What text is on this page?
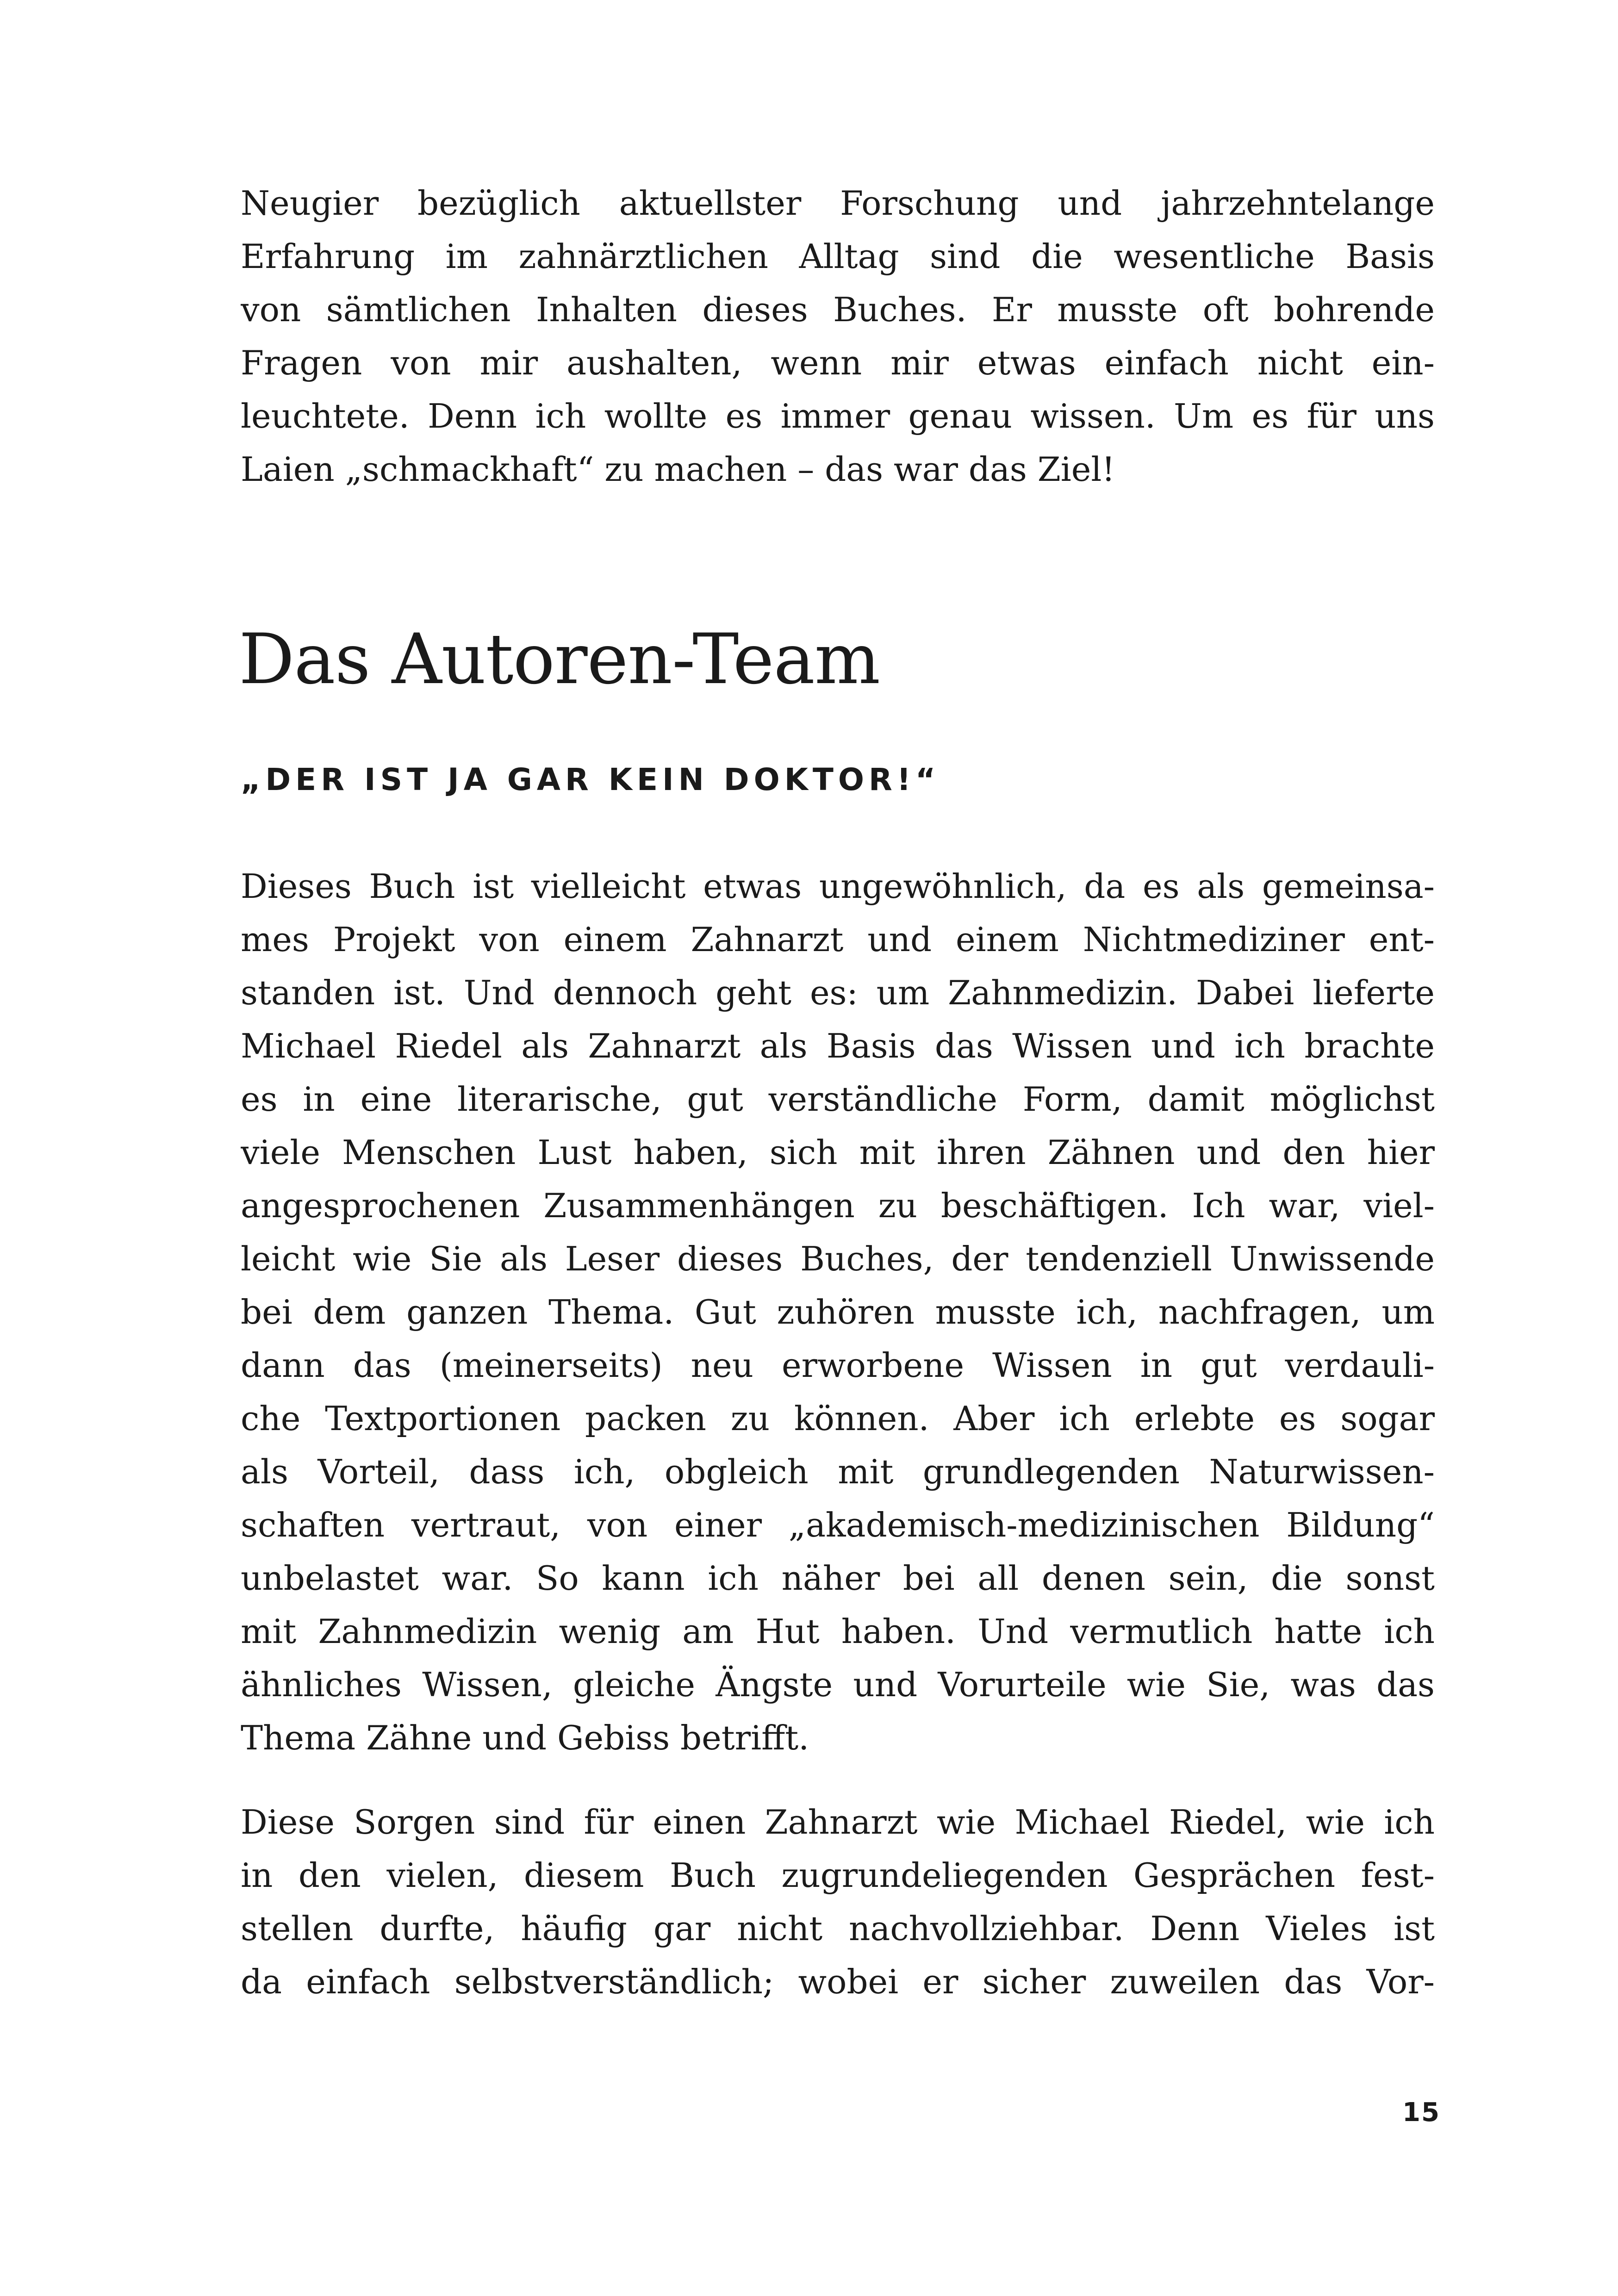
Neugier bezüglich aktuellster Forschung und jahrzehntelange
Erfahrung im zahnärztlichen Alltag sind die wesentliche Basis
von sämtlichen Inhalten dieses Buches. Er musste oft bohrende
Fragen von mir aushalten, wenn mir etwas einfach nicht ein-
leuchtete. Denn ich wollte es immer genau wissen. Um es für uns
Laien „schmackhaft“ zu machen – das war das Ziel!
Das Autoren-Team
„DER IST JA GAR KEIN DOKTOR!“
Dieses Buch ist vielleicht etwas ungewöhnlich, da es als gemeinsa-
mes Projekt von einem Zahnarzt und einem Nichtmediziner ent-
standen ist. Und dennoch geht es: um Zahnmedizin. Dabei lieferte
Michael Riedel als Zahnarzt als Basis das Wissen und ich brachte
es in eine literarische, gut verständliche Form, damit möglichst
viele Menschen Lust haben, sich mit ihren Zähnen und den hier
angesprochenen Zusammenhängen zu beschäftigen. Ich war, viel-
leicht wie Sie als Leser dieses Buches, der tendenziell Unwissende
bei dem ganzen Thema. Gut zuhören musste ich, nachfragen, um
dann das (meinerseits) neu erworbene Wissen in gut verdauli-
che Textportionen packen zu können. Aber ich erlebte es sogar
als Vorteil, dass ich, obgleich mit grundlegenden Naturwissen-
schaften vertraut, von einer „akademisch-medizinischen Bildung“
unbelastet war. So kann ich näher bei all denen sein, die sonst
mit Zahnmedizin wenig am Hut haben. Und vermutlich hatte ich
ähnliches Wissen, gleiche Ängste und Vorurteile wie Sie, was das
Thema Zähne und Gebiss betrifft.
Diese Sorgen sind für einen Zahnarzt wie Michael Riedel, wie ich
in den vielen, diesem Buch zugrundeliegenden Gesprächen fest-
stellen durfte, häufig gar nicht nachvollziehbar. Denn Vieles ist
da einfach selbstverständlich; wobei er sicher zuweilen das Vor-
15
